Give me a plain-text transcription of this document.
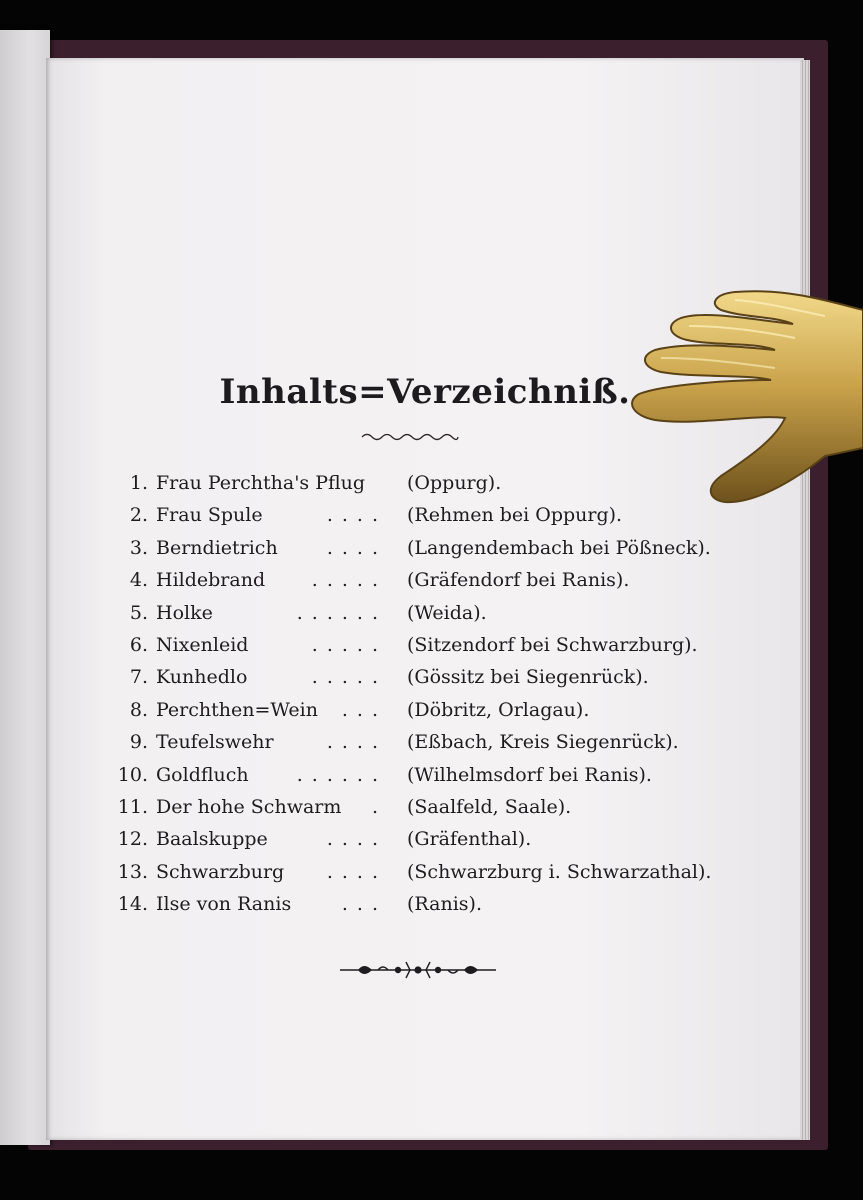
Inhalts=Verzeichniß.
1. Frau Perchtha's Pflug (Oppurg).
2. Frau Spule	.... (Rehmen bei Oppurg).
3. Berndietrich	.... (Langendembach bei Pößneck).
4. Hildebrand ..... (Gräfendorf bei Ranis).
5. Holke	...... (Weida).
6. Nixenleid	..... (Sitzendorf bei Schwarzburg).
7. Kunhedlo	..... (Gössitz bei Siegenrück).
8. Perchthen=Wein ... (Döbritz, Orlagau).
9. Teufelswehr	.... (Eßbach, Kreis Siegenrück).
10. Goldfluch	...... (Wilhelmsdorf bei Ranis).
11. Der hohe Schwarm . (Saalfeld, Saale).
12. Baalskuppe	.... (Gräfenthal).
13. Schwarzburg .... (Schwarzburg i. Schwarzathal).
14. Ilse von Ranis	... (Ranis).
